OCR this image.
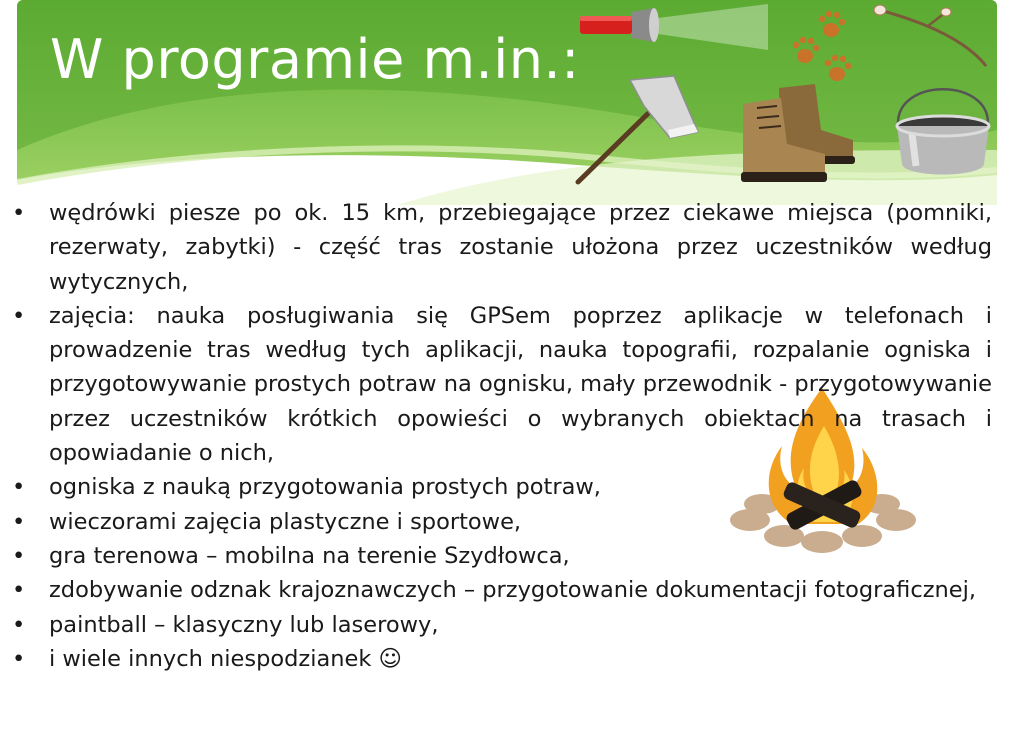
W programie m.in.:
• wędrówki piesze po ok. 15 km, przebiegające przez ciekawe miejsca (pomniki, rezerwaty, zabytki) - część tras zostanie ułożona przez uczestników według wytycznych,
• zajęcia: nauka posługiwania się GPSem poprzez aplikacje w telefonach i prowadzenie tras według tych aplikacji, nauka topografii, rozpalanie ogniska i przygotowywanie prostych potraw na ognisku, mały przewodnik - przygotowywanie przez uczestników krótkich opowieści o wybranych obiektach na trasach i opowiadanie o nich,
• ogniska z nauką przygotowania prostych potraw,
• wieczorami zajęcia plastyczne i sportowe,
• gra terenowa – mobilna na terenie Szydłowca,
• zdobywanie odznak krajoznawczych – przygotowanie dokumentacji fotograficznej,
• paintball – klasyczny lub laserowy,
• i wiele innych niespodzianek ☺
